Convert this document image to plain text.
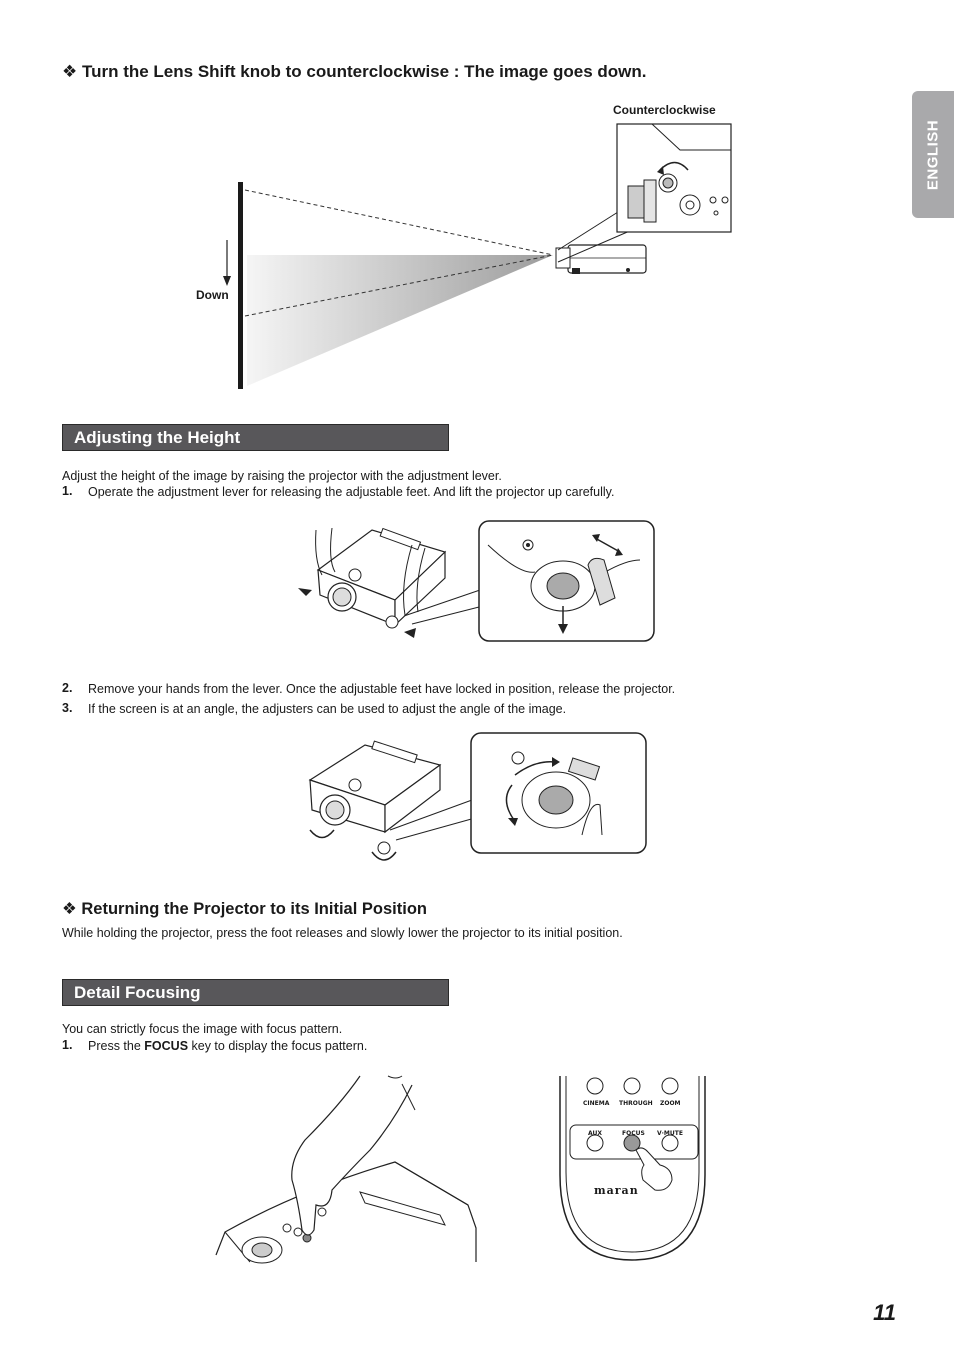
ENGLISH
❖ Turn the Lens Shift knob to counterclockwise : The image goes down.
Counterclockwise
Down
Adjusting the Height
Adjust the height of the image by raising the projector with the adjustment lever.
1. Operate the adjustment lever for releasing the adjustable feet. And lift the projector up carefully.
2. Remove your hands from the lever. Once the adjustable feet have locked in position, release the projector.
3. If the screen is at an angle, the adjusters can be used to adjust the angle of the image.
❖ Returning the Projector to its Initial Position
While holding the projector, press the foot releases and slowly lower the projector to its initial position.
Detail Focusing
You can strictly focus the image with focus pattern.
1. Press the FOCUS key to display the focus pattern.
CINEMA THROUGH ZOOM
AUX	FOCUS V·MUTE
maran
11
